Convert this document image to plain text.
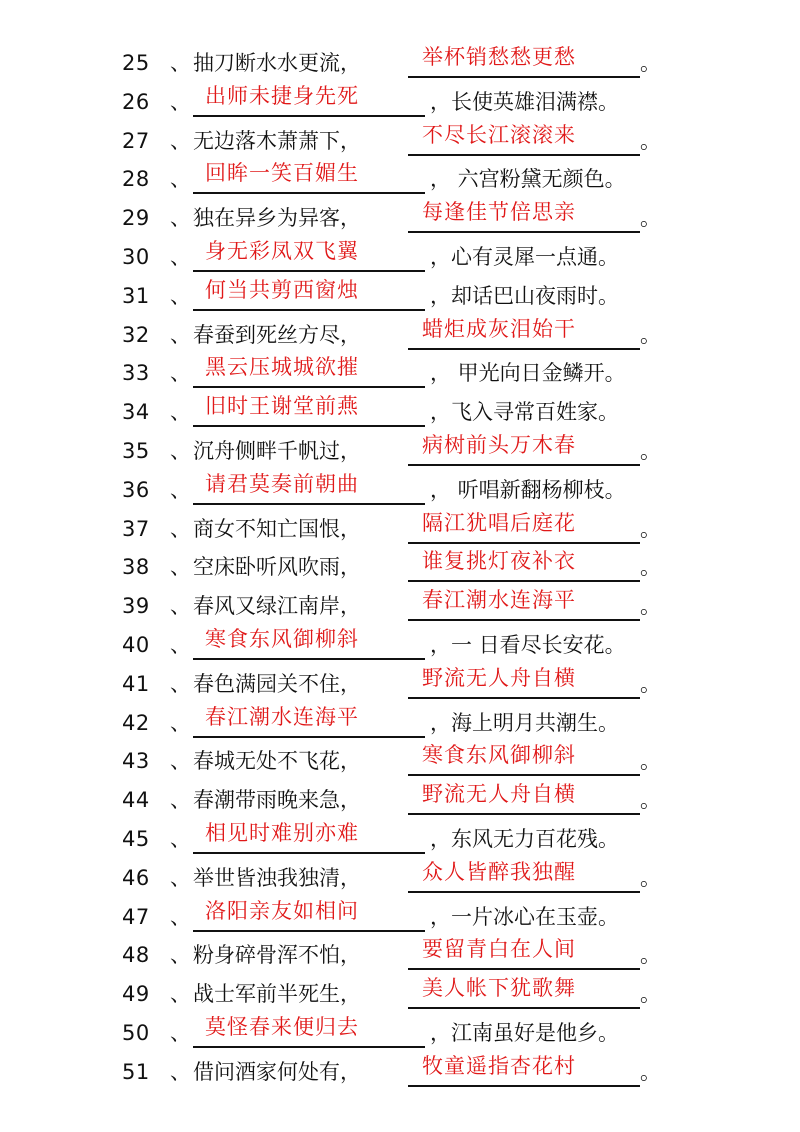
25 、 抽刀断水水更流，	举杯销愁愁更愁	。
26 、 出师未捷身先死	，长使英雄泪满襟。
27 、 无边落木萧萧下，	不尽长江滚滚来	。
28 、 回眸一笑百媚生	， 六宫粉黛无颜色。
29 、 独在异乡为异客，	每逢佳节倍思亲	。
30 、 身无彩凤双飞翼	，心有灵犀一点通。
31 、 何当共剪西窗烛	，却话巴山夜雨时。
32 、 春蚕到死丝方尽，	蜡炬成灰泪始干	。
33 、 黑云压城城欲摧	， 甲光向日金鳞开。
34 、 旧时王谢堂前燕	，飞入寻常百姓家。
35 、 沉舟侧畔千帆过，	病树前头万木春	。
36 、 请君莫奏前朝曲	， 听唱新翻杨柳枝。
37 、 商女不知亡国恨，	隔江犹唱后庭花	。
38 、 空床卧听风吹雨，	谁复挑灯夜补衣	。
39 、 春风又绿江南岸，	春江潮水连海平	。
40 、 寒食东风御柳斜	，一 日看尽长安花。
41 、 春色满园关不住，	野流无人舟自横	。
42 、 春江潮水连海平	，海上明月共潮生。
43 、 春城无处不飞花，	寒食东风御柳斜	。
44 、 春潮带雨晚来急，	野流无人舟自横	。
45 、 相见时难别亦难	，东风无力百花残。
46 、 举世皆浊我独清，	众人皆醉我独醒	。
47 、 洛阳亲友如相问	，一片冰心在玉壶。
48 、 粉身碎骨浑不怕，	要留青白在人间	。
49 、 战士军前半死生，	美人帐下犹歌舞	。
50 、 莫怪春来便归去	，江南虽好是他乡。
51 、 借问酒家何处有，	牧童遥指杏花村	。
